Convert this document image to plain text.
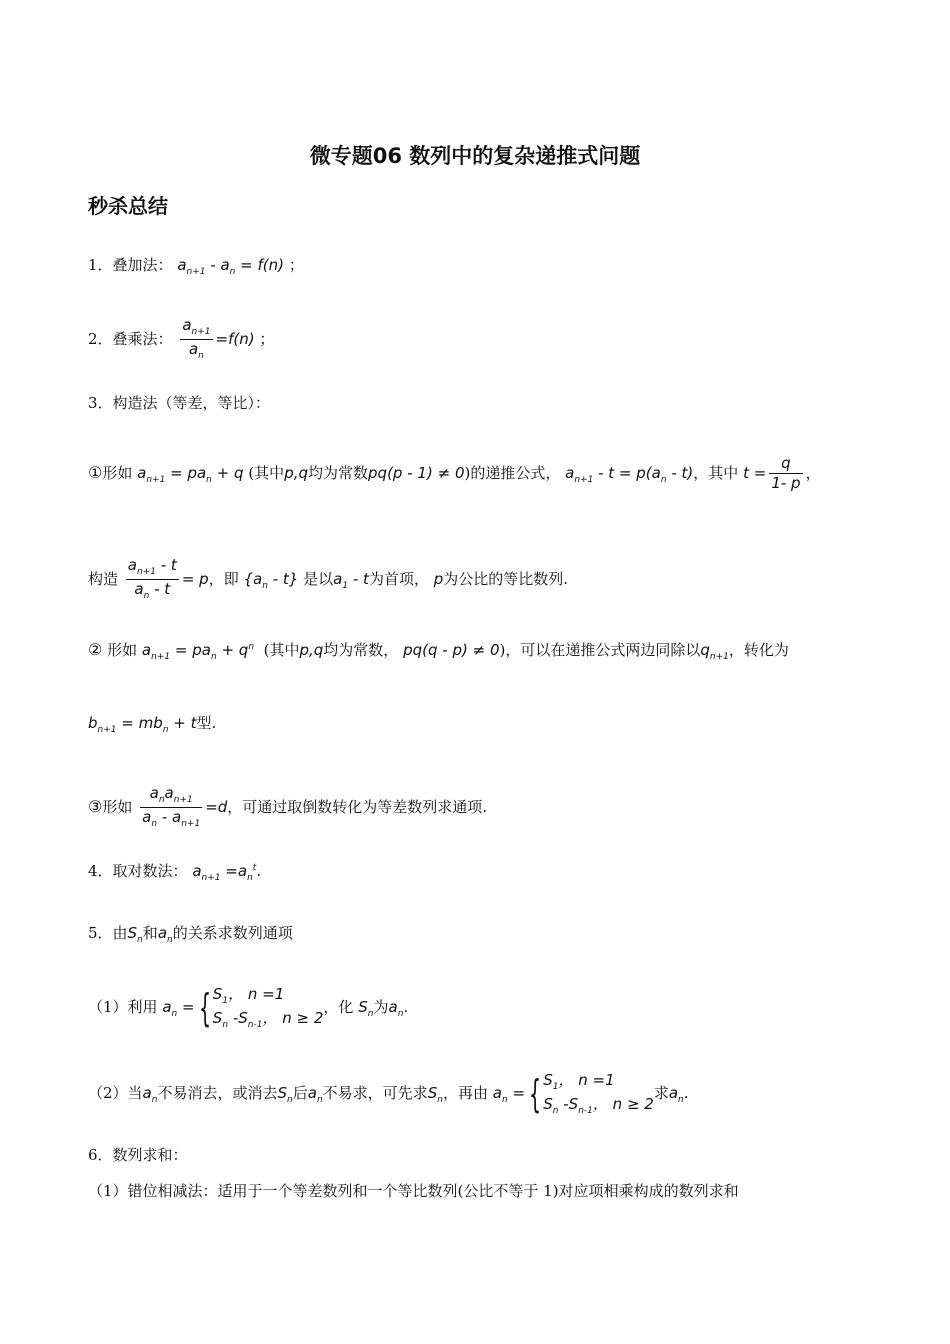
微专题06 数列中的复杂递推式问题
秒杀总结
1．叠加法： $a_{n+1} - a_n = f(n)$ ；
2．叠乘法： $\frac{a_{n+1}}{a_n} =f(n)$ ；
3．构造法（等差，等比）：
①形如 $a_{n+1} = pa_n + q$ (其中p,q均为常数pq(p - 1) ≠ 0)的递推公式， $a_{n+1} - t = p(a_n - t)$，其中 $t = \frac{q}{1- p}$ ，
构造 $\frac{a_{n+1} - t}{a_n - t} = p$，即 $\{a_n - t\}$ 是以$a_1$ - t为首项， p为公比的等比数列.
② 形如 $a_{n+1} = pa_n + q^n$ (其中p,q均为常数， pq(q - p) ≠ 0)，可以在递推公式两边同除以$q_{n+1}$，转化为
$b_{n+1} = mb_n + t$型.
③形如 $\frac{a_na_{n+1}}{a_n - a_{n+1}} =d$，可通过取倒数转化为等差数列求通项.
4．取对数法： $a_{n+1} =a_n^t$.
5．由$S_n$和$a_n$的关系求数列通项
（1）利用 $a_n$ = { $S_1$， n =1
$S_n$ $-S_{n-1}$， n ≥ 2，化 $S_n$为$a_n$.
（2）当$a_n$不易消去，或消去$S_n$后$a_n$不易求，可先求$S_n$，再由 $a_n$ = { $S_1$， n =1
$S_n$ $-S_{n-1}$， n ≥ 2求$a_n$.
6．数列求和：
（1）错位相减法：适用于一个等差数列和一个等比数列(公比不等于 1)对应项相乘构成的数列求和
